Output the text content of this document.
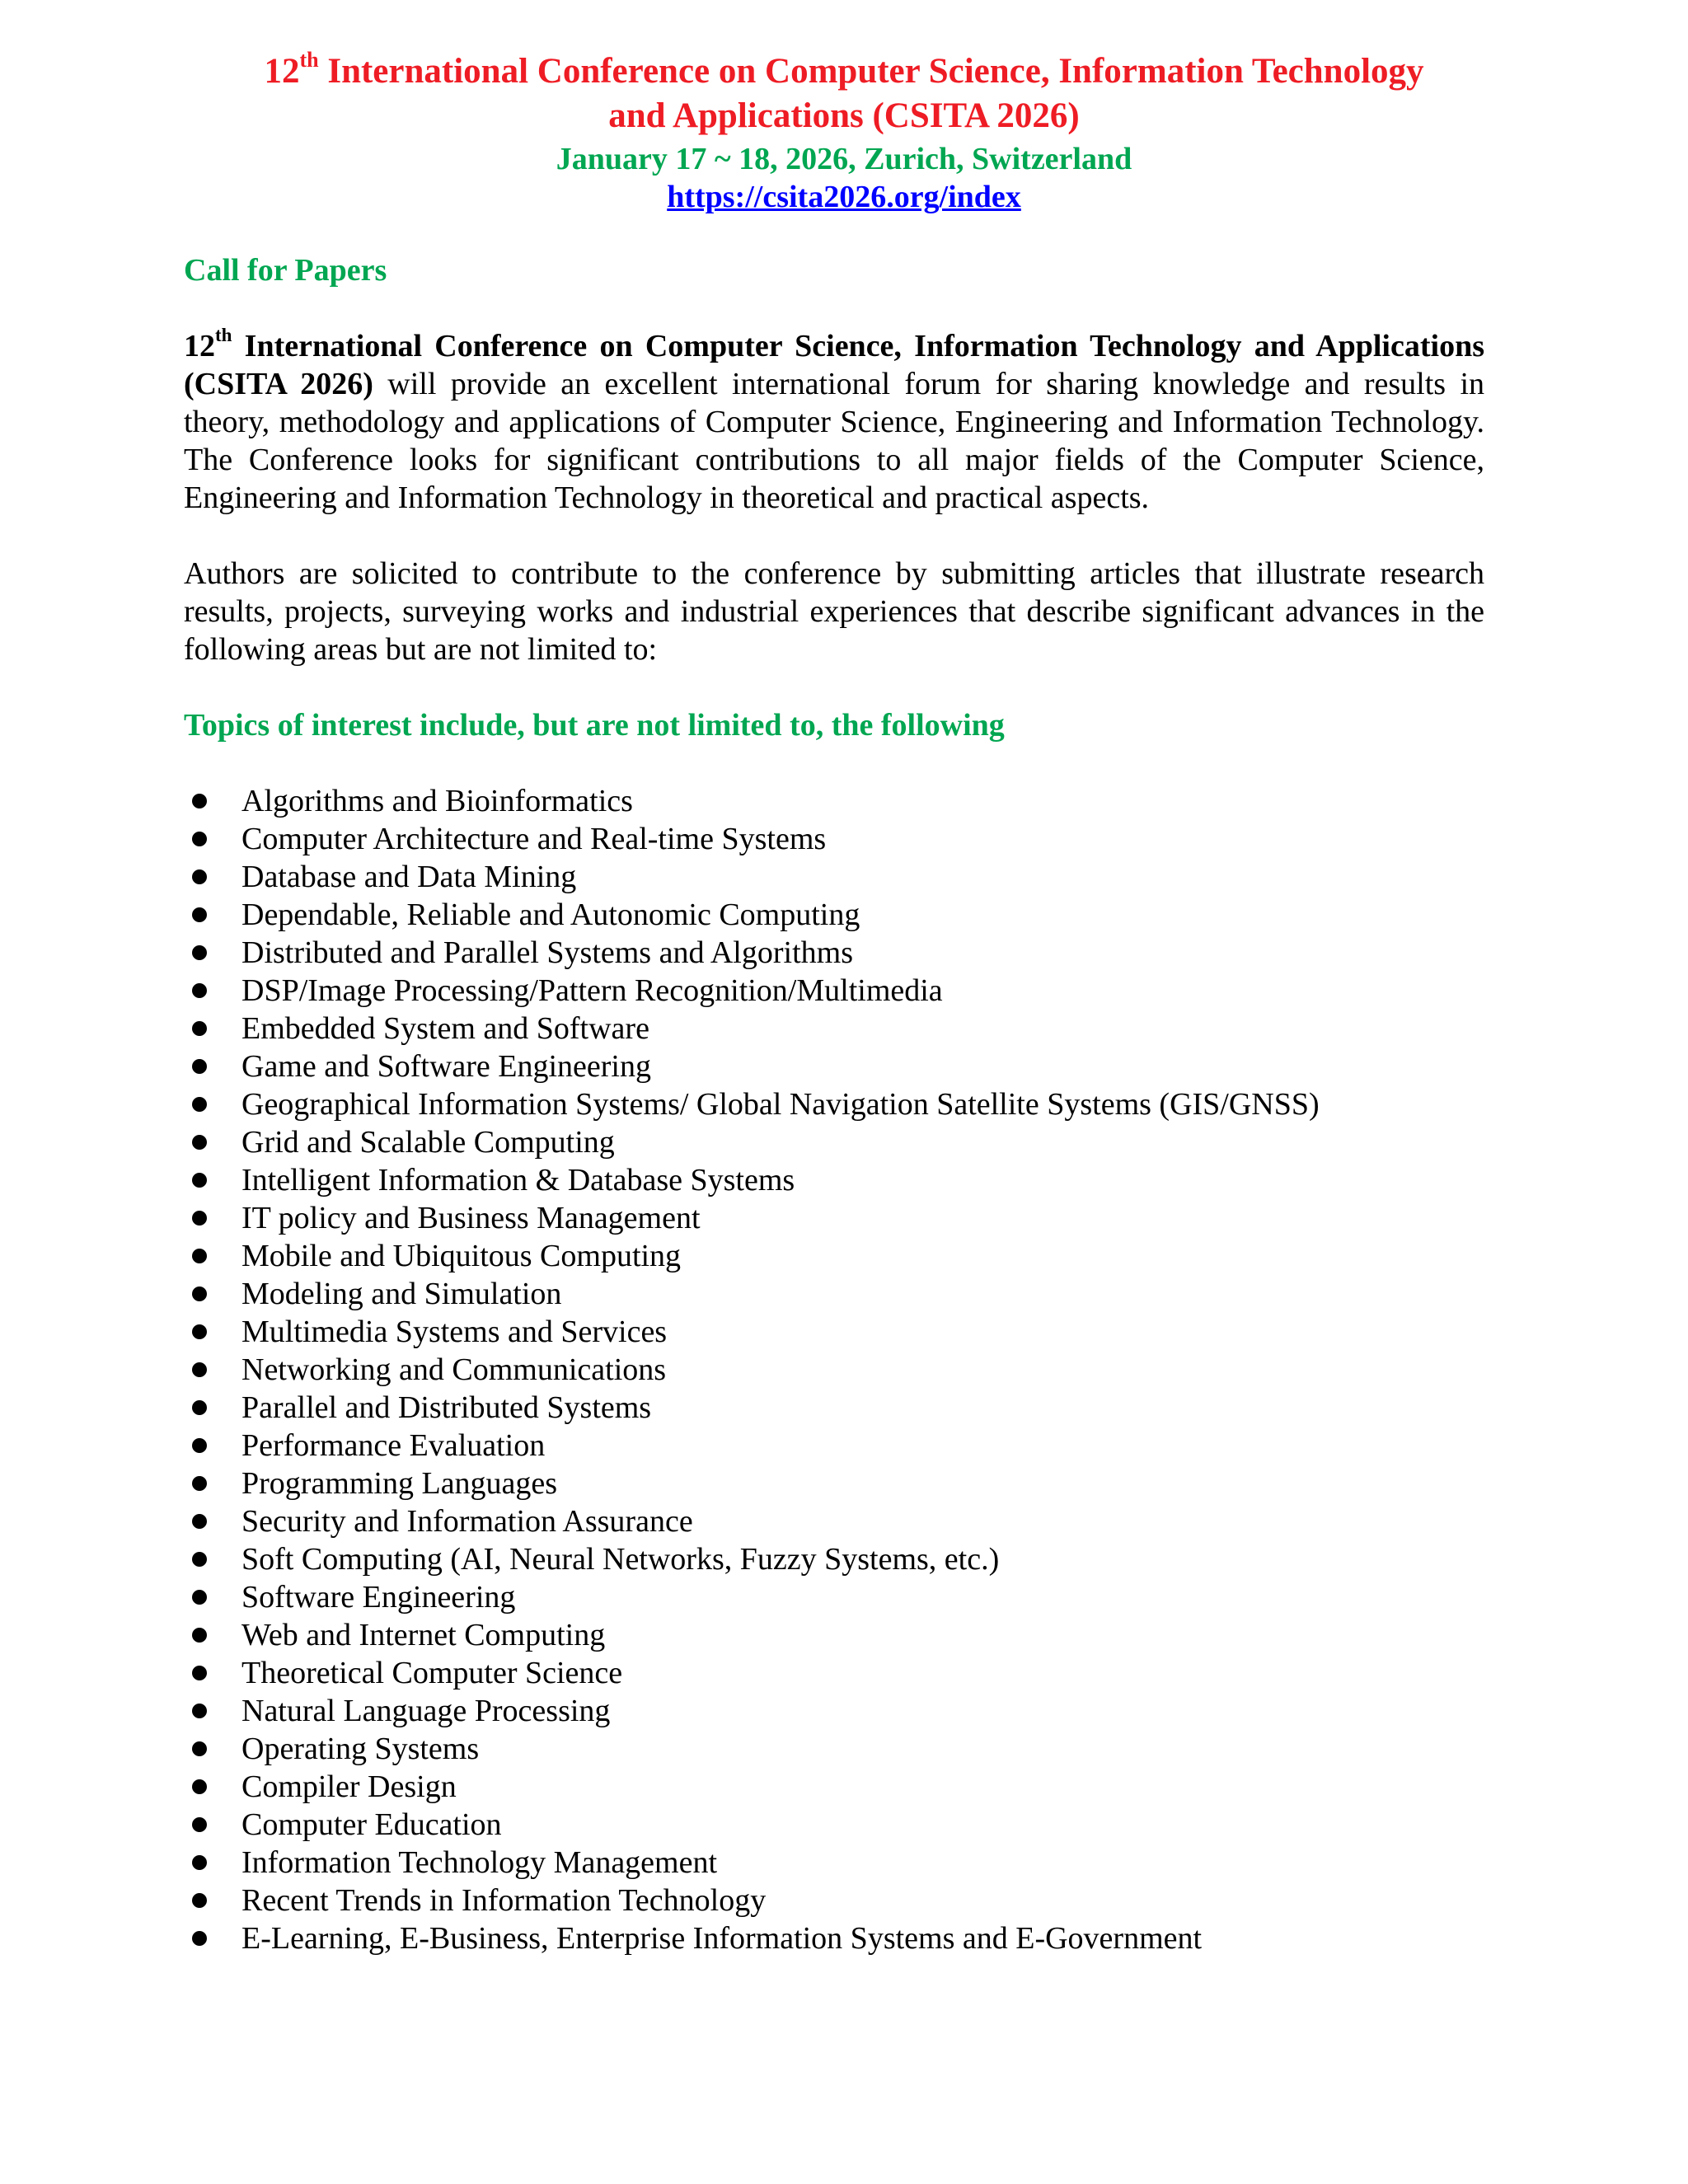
12th International Conference on Computer Science, Information Technology
and Applications (CSITA 2026)
January 17 ~ 18, 2026, Zurich, Switzerland
https://csita2026.org/index
Call for Papers
12th International Conference on Computer Science, Information Technology and Applications (CSITA 2026) will provide an excellent international forum for sharing knowledge and results in theory, methodology and applications of Computer Science, Engineering and Information Technology. The Conference looks for significant contributions to all major fields of the Computer Science, Engineering and Information Technology in theoretical and practical aspects.
Authors are solicited to contribute to the conference by submitting articles that illustrate research results, projects, surveying works and industrial experiences that describe significant advances in the following areas but are not limited to:
Topics of interest include, but are not limited to, the following
Algorithms and Bioinformatics
Computer Architecture and Real-time Systems
Database and Data Mining
Dependable, Reliable and Autonomic Computing
Distributed and Parallel Systems and Algorithms
DSP/Image Processing/Pattern Recognition/Multimedia
Embedded System and Software
Game and Software Engineering
Geographical Information Systems/ Global Navigation Satellite Systems (GIS/GNSS)
Grid and Scalable Computing
Intelligent Information & Database Systems
IT policy and Business Management
Mobile and Ubiquitous Computing
Modeling and Simulation
Multimedia Systems and Services
Networking and Communications
Parallel and Distributed Systems
Performance Evaluation
Programming Languages
Security and Information Assurance
Soft Computing (AI, Neural Networks, Fuzzy Systems, etc.)
Software Engineering
Web and Internet Computing
Theoretical Computer Science
Natural Language Processing
Operating Systems
Compiler Design
Computer Education
Information Technology Management
Recent Trends in Information Technology
E-Learning, E-Business, Enterprise Information Systems and E-Government
